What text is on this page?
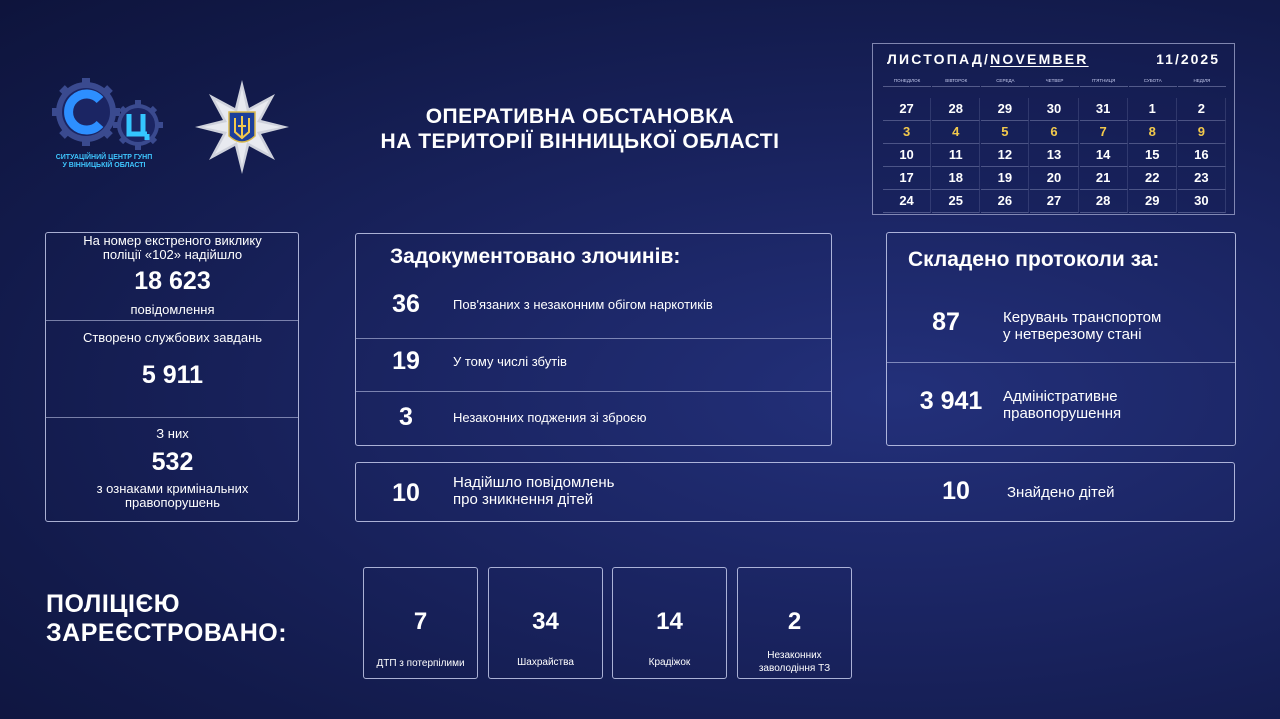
СИТУАЦІЙНИЙ ЦЕНТР ГУНП
У ВІННИЦЬКІЙ ОБЛАСТІ
ОПЕРАТИВНА ОБСТАНОВКА
НА ТЕРИТОРІЇ ВІННИЦЬКОЇ ОБЛАСТІ
ЛИСТОПАД/NOVEMBER	11/2025
ПОНЕДІЛОК	ВІВТОРОК	СЕРЕДА	ЧЕТВЕР	П'ЯТНИЦЯ	СУБОТА	НЕДІЛЯ
27	28	29	30	31	1	2
3	4	5	6	7	8	9
10	11	12	13	14	15	16
17	18	19	20	21	22	23
24	25	26	27	28	29	30
На номер екстреного виклику
поліції «102» надійшло
18 623
повідомлення
Створено службових завдань
5 911
З них
532
з ознаками кримінальних
правопорушень
Задокументовано злочинів:
36	Пов'язаних з незаконним обігом наркотиків
19	У тому числі збутів
3	Незаконних поджения зі зброєю
Складено протоколи за:
87	Керувань транспортом
у нетверезому стані
3 941	Адміністративне
правопорушення
10	Надійшло повідомлень
про зникнення дітей	10	Знайдено дітей
ПОЛІЦІЄЮ
ЗАРЕЄСТРОВАНО:	7
ДТП з потерпілими
34
Шахрайства
14
Крадіжок
2
Незаконних
заволодіння ТЗ
